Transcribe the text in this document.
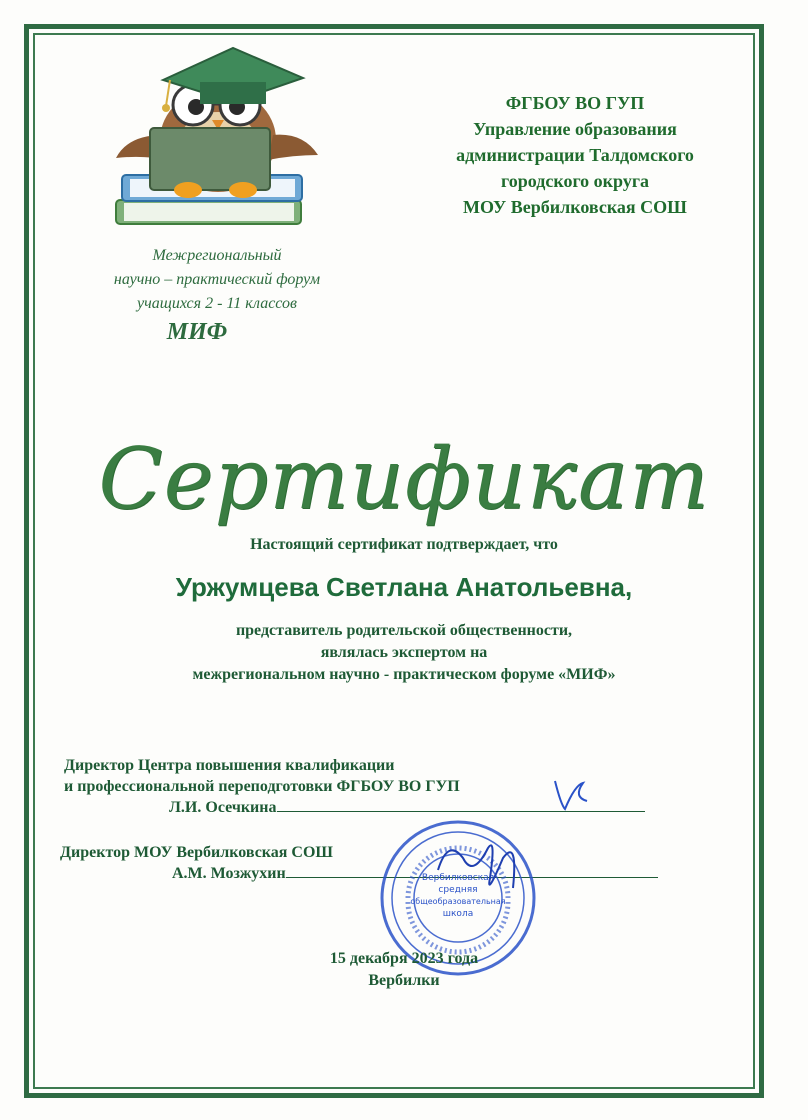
Межрегиональный
научно – практический форум
учащихся 2 - 11 классов
МИФ
ФГБОУ ВО ГУП
Управление образования
администрации Талдомского
городского округа
МОУ Вербилковская СОШ
Сертификат
Настоящий сертификат подтверждает, что
Уржумцева Светлана Анатольевна,
представитель родительской общественности,
являлась экспертом на
межрегиональном научно - практическом форуме «МИФ»
Директор Центра повышения квалификации
и профессиональной переподготовки ФГБОУ ВО ГУП
Л.И. Осечкина
Директор МОУ Вербилковская СОШ
А.М. Мозжухин	Вербилковская
средняя
общеобразовательная
школа
15 декабря 2023 года
Вербилки
